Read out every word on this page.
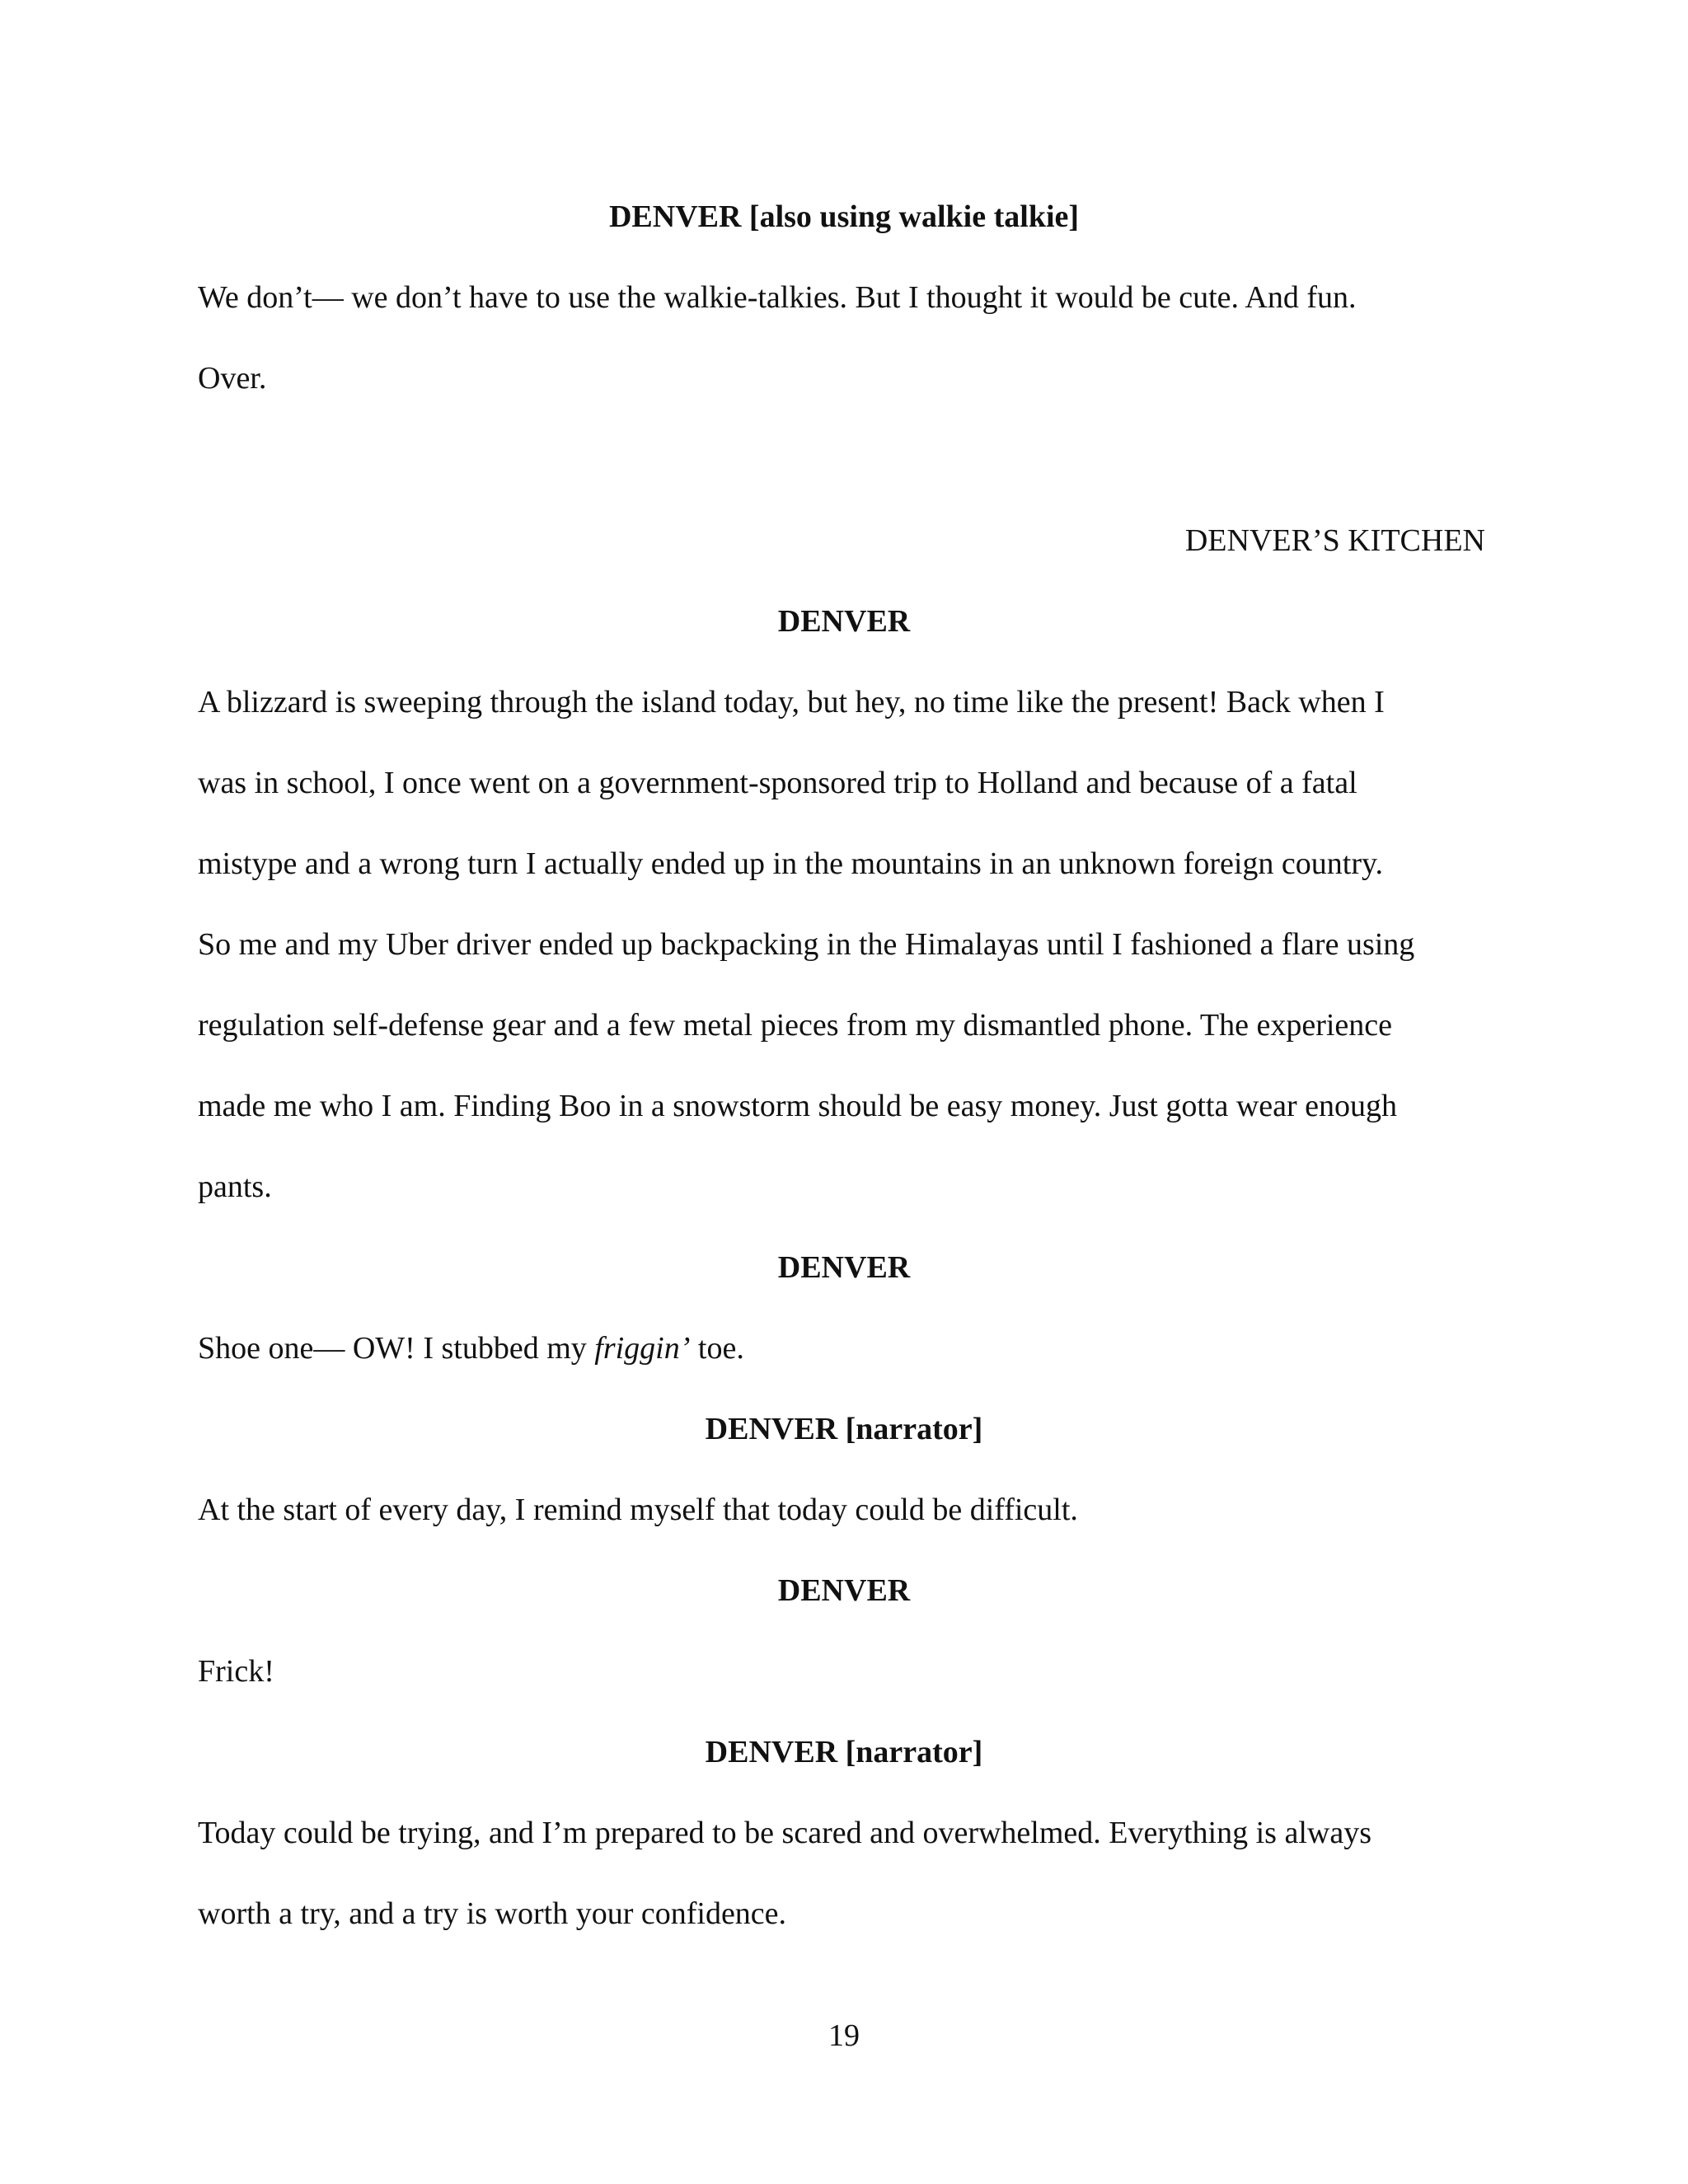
DENVER [also using walkie talkie]
We don’t— we don’t have to use the walkie-talkies. But I thought it would be cute. And fun.
Over.
DENVER’S KITCHEN
DENVER
A blizzard is sweeping through the island today, but hey, no time like the present! Back when I
was in school, I once went on a government-sponsored trip to Holland and because of a fatal
mistype and a wrong turn I actually ended up in the mountains in an unknown foreign country.
So me and my Uber driver ended up backpacking in the Himalayas until I fashioned a flare using
regulation self-defense gear and a few metal pieces from my dismantled phone. The experience
made me who I am. Finding Boo in a snowstorm should be easy money. Just gotta wear enough
pants.
DENVER
Shoe one— OW! I stubbed my friggin’ toe.
DENVER [narrator]
At the start of every day, I remind myself that today could be difficult.
DENVER
Frick!
DENVER [narrator]
Today could be trying, and I’m prepared to be scared and overwhelmed. Everything is always
worth a try, and a try is worth your confidence.
19
